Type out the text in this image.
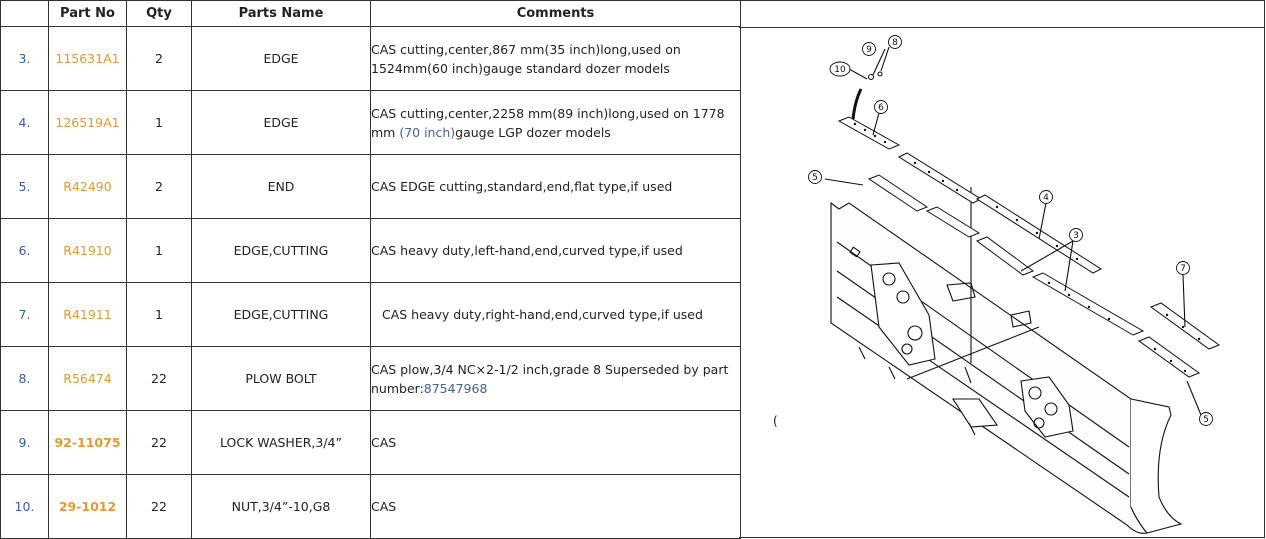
	Part No	Qty	Parts Name	Comments
3.	115631A1	2	EDGE	CAS cutting,center,867 mm(35 inch)long,used on 1524mm(60 inch)gauge standard dozer models
4.	126519A1	1	EDGE	CAS cutting,center,2258 mm(89 inch)long,used on 1778 mm (70 inch)gauge LGP dozer models
5.	R42490	2	END	CAS EDGE cutting,standard,end,flat type,if used
6.	R41910	1	EDGE,CUTTING	CAS heavy duty,left-hand,end,curved type,if used
7.	R41911	1	EDGE,CUTTING	CAS heavy duty,right-hand,end,curved type,if used
8.	R56474	22	PLOW BOLT	CAS plow,3/4 NC×2-1/2 inch,grade 8 Superseded by part number:87547968
9.	92-11075	22	LOCK WASHER,3/4”	CAS
10.	29-1012	22	NUT,3/4”-10,G8	CAS
10
9
8
6
5
4
3
7
5
(
